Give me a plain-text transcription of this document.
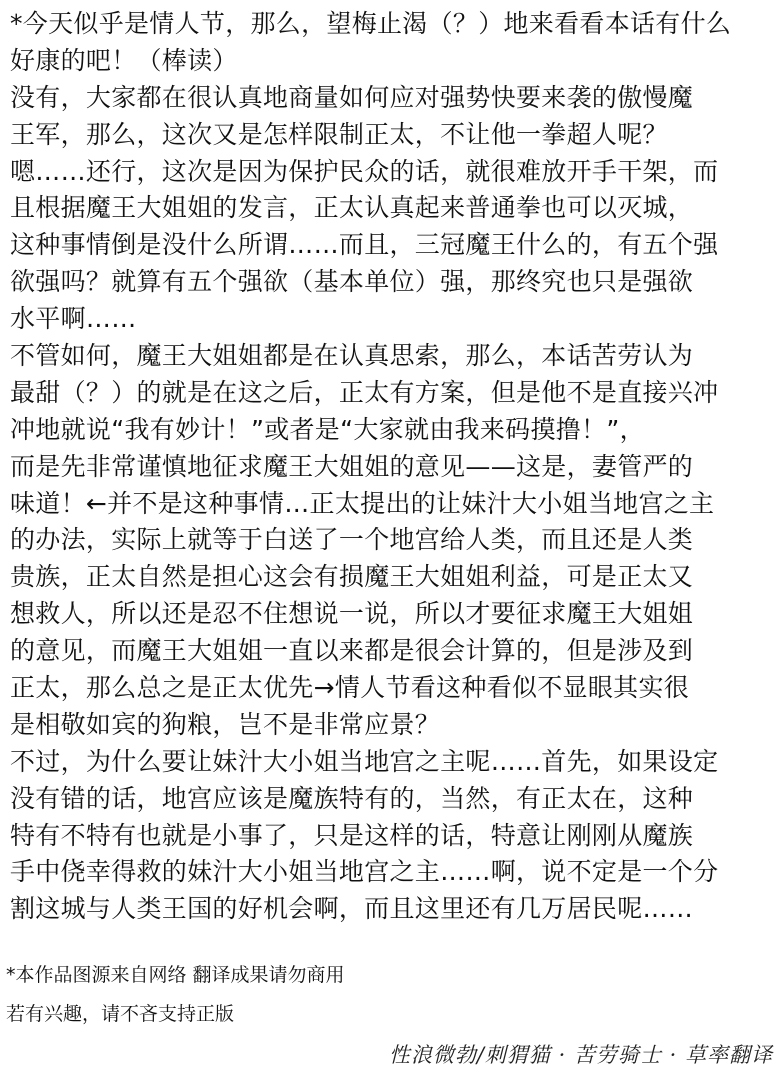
*今天似乎是情人节，那么，望梅止渴（？）地来看看本话有什么
好康的吧！（棒读）
没有，大家都在很认真地商量如何应对强势快要来袭的傲慢魔
王军，那么，这次又是怎样限制正太，不让他一拳超人呢？
嗯……还行，这次是因为保护民众的话，就很难放开手干架，而
且根据魔王大姐姐的发言，正太认真起来普通拳也可以灭城，
这种事情倒是没什么所谓……而且，三冠魔王什么的，有五个强
欲强吗？就算有五个强欲（基本单位）强，那终究也只是强欲
水平啊……
不管如何，魔王大姐姐都是在认真思索，那么，本话苦劳认为
最甜（？）的就是在这之后，正太有方案，但是他不是直接兴冲
冲地就说“我有妙计！”或者是“大家就由我来码摸撸！”，
而是先非常谨慎地征求魔王大姐姐的意见——这是，妻管严的
味道！←并不是这种事情…正太提出的让妹汁大小姐当地宫之主
的办法，实际上就等于白送了一个地宫给人类，而且还是人类
贵族，正太自然是担心这会有损魔王大姐姐利益，可是正太又
想救人，所以还是忍不住想说一说，所以才要征求魔王大姐姐
的意见，而魔王大姐姐一直以来都是很会计算的，但是涉及到
正太，那么总之是正太优先→情人节看这种看似不显眼其实很
是相敬如宾的狗粮，岂不是非常应景？
不过，为什么要让妹汁大小姐当地宫之主呢……首先，如果设定
没有错的话，地宫应该是魔族特有的，当然，有正太在，这种
特有不特有也就是小事了，只是这样的话，特意让刚刚从魔族
手中侥幸得救的妹汁大小姐当地宫之主……啊，说不定是一个分
割这城与人类王国的好机会啊，而且这里还有几万居民呢……
*本作品图源来自网络 翻译成果请勿商用
若有兴趣，请不吝支持正版
性浪微勃/刺猬猫 · 苦劳骑士 · 草率翻译
